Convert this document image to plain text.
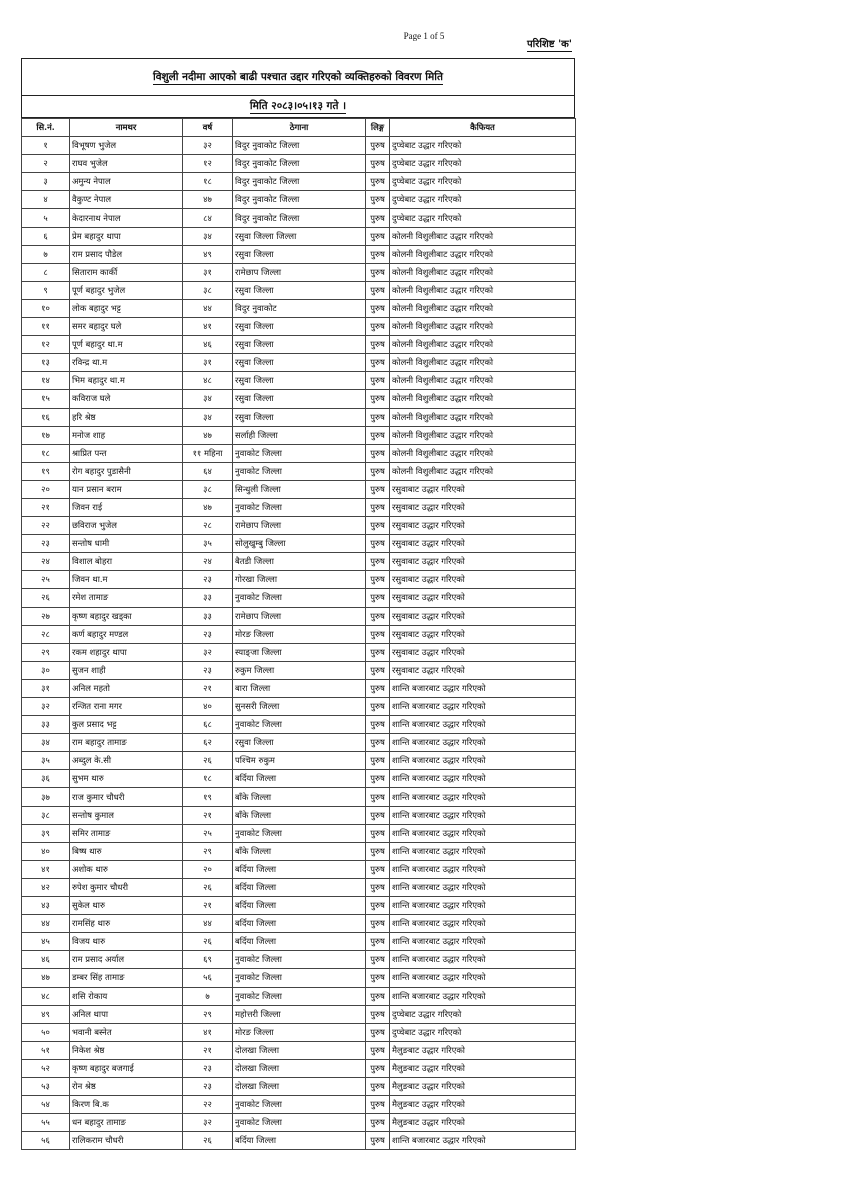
Page 1 of 5
परिशिष्ट 'क'
विशुली नदीमा आएको बाढी पश्चात उद्दार गरिएको व्यक्तिहरुको विवरण मिति
मिति २०८३।०५।१३ गते ।
सि.नं.	नामथर	वर्ष	ठेगाना	लिङ्ग	कैफियत
१	विभूषण भुजेल	३२	विदुर नुवाकोट जिल्ला	पुरुष	दुप्चेबाट उद्धार गरिएको
२	राघव भुजेल	१२	विदुर नुवाकोट जिल्ला	पुरुष	दुप्चेबाट उद्धार गरिएको
३	अमुन्य नेपाल	१८	विदुर नुवाकोट जिल्ला	पुरुष	दुप्चेबाट उद्धार गरिएको
४	वैकुण्ट नेपाल	४७	विदुर नुवाकोट जिल्ला	पुरुष	दुप्चेबाट उद्धार गरिएको
५	केदारनाथ नेपाल	८४	विदुर नुवाकोट जिल्ला	पुरुष	दुप्चेबाट उद्धार गरिएको
६	प्रेम बहादुर थापा	३४	रसुवा जिल्ला जिल्ला	पुरुष	कोलनी विशुलीबाट उद्धार गरिएको
७	राम प्रसाद पौडेल	४९	रसुवा जिल्ला	पुरुष	कोलनी विशुलीबाट उद्धार गरिएको
८	सिताराम कार्की	३१	रामेछाप जिल्ला	पुरुष	कोलनी विशुलीबाट उद्धार गरिएको
९	पूर्ण बहादुर भुजेल	३८	रसुवा जिल्ला	पुरुष	कोलनी विशुलीबाट उद्धार गरिएको
१०	लोक बहादुर भट्ट	४४	विदुर नुवाकोट	पुरुष	कोलनी विशुलीबाट उद्धार गरिएको
११	समर बहादुर घले	४१	रसुवा जिल्ला	पुरुष	कोलनी विशुलीबाट उद्धार गरिएको
१२	पूर्ण बहादुर था.म	४६	रसुवा जिल्ला	पुरुष	कोलनी विशुलीबाट उद्धार गरिएको
१३	रविन्द्र था.म	३१	रसुवा जिल्ला	पुरुष	कोलनी विशुलीबाट उद्धार गरिएको
१४	भिम बहादुर था.म	४८	रसुवा जिल्ला	पुरुष	कोलनी विशुलीबाट उद्धार गरिएको
१५	कविराज घले	३४	रसुवा जिल्ला	पुरुष	कोलनी विशुलीबाट उद्धार गरिएको
१६	हरि श्रेष्ठ	३४	रसुवा जिल्ला	पुरुष	कोलनी विशुलीबाट उद्धार गरिएको
१७	मनोज शाह	४७	सर्लाही जिल्ला	पुरुष	कोलनी विशुलीबाट उद्धार गरिएको
१८	श्राप्रित पन्त	११ महिना	नुवाकोट जिल्ला	पुरुष	कोलनी विशुलीबाट उद्धार गरिएको
१९	रोग बहादुर पुडासैनी	६४	नुवाकोट जिल्ला	पुरुष	कोलनी विशुलीबाट उद्धार गरिएको
२०	यान प्रसान बराम	३८	सिन्धुली जिल्ला	पुरुष	रसुवाबाट उद्धार गरिएको
२१	जिवन राई	४७	नुवाकोट जिल्ला	पुरुष	रसुवाबाट उद्धार गरिएको
२२	छविराज भुजेल	२८	रामेछाप जिल्ला	पुरुष	रसुवाबाट उद्धार गरिएको
२३	सन्तोष धामी	३५	सोलुखुम्बु जिल्ला	पुरुष	रसुवाबाट उद्धार गरिएको
२४	विशाल बोहरा	२४	बैतडी जिल्ला	पुरुष	रसुवाबाट उद्धार गरिएको
२५	जिवन था.म	२३	गोरखा जिल्ला	पुरुष	रसुवाबाट उद्धार गरिएको
२६	रमेश तामाङ	३३	नुवाकोट जिल्ला	पुरुष	रसुवाबाट उद्धार गरिएको
२७	कृष्ण बहादुर खड्का	३३	रामेछाप जिल्ला	पुरुष	रसुवाबाट उद्धार गरिएको
२८	कर्ण बहादुर मण्डल	२३	मोरङ जिल्ला	पुरुष	रसुवाबाट उद्धार गरिएको
२९	रकम शहादुर थापा	३२	स्याङ्जा जिल्ला	पुरुष	रसुवाबाट उद्धार गरिएको
३०	सुजन शाही	२३	रुकुम जिल्ला	पुरुष	रसुवाबाट उद्धार गरिएको
३१	अनिल महतो	२१	बारा जिल्ला	पुरुष	शान्ति बजारबाट उद्धार गरिएको
३२	रन्जित राना मगर	४०	सुनसरी जिल्ला	पुरुष	शान्ति बजारबाट उद्धार गरिएको
३३	कुल प्रसाद भट्ट	६८	नुवाकोट जिल्ला	पुरुष	शान्ति बजारबाट उद्धार गरिएको
३४	राम बहादुर तामाङ	६२	रसुवा जिल्ला	पुरुष	शान्ति बजारबाट उद्धार गरिएको
३५	अब्दुल के.सी	२६	पश्चिम रुकुम	पुरुष	शान्ति बजारबाट उद्धार गरिएको
३६	सुभम थारु	१८	बर्दिया जिल्ला	पुरुष	शान्ति बजारबाट उद्धार गरिएको
३७	राज कुमार चौधरी	१९	बाँके जिल्ला	पुरुष	शान्ति बजारबाट उद्धार गरिएको
३८	सन्तोष कुमाल	२१	बाँके जिल्ला	पुरुष	शान्ति बजारबाट उद्धार गरिएको
३९	समिर तामाङ	२५	नुवाकोट जिल्ला	पुरुष	शान्ति बजारबाट उद्धार गरिएको
४०	बिष्ष थारु	२९	बाँके जिल्ला	पुरुष	शान्ति बजारबाट उद्धार गरिएको
४१	अशोक थारु	२०	बर्दिया जिल्ला	पुरुष	शान्ति बजारबाट उद्धार गरिएको
४२	रुपेश कुमार चौधरी	२६	बर्दिया जिल्ला	पुरुष	शान्ति बजारबाट उद्धार गरिएको
४३	सुकेल थारु	२१	बर्दिया जिल्ला	पुरुष	शान्ति बजारबाट उद्धार गरिएको
४४	रामसिंह थारु	४४	बर्दिया जिल्ला	पुरुष	शान्ति बजारबाट उद्धार गरिएको
४५	विजय थारु	२६	बर्दिया जिल्ला	पुरुष	शान्ति बजारबाट उद्धार गरिएको
४६	राम प्रसाद अर्याल	६९	नुवाकोट जिल्ला	पुरुष	शान्ति बजारबाट उद्धार गरिएको
४७	डम्बर सिंह तामाङ	५६	नुवाकोट जिल्ला	पुरुष	शान्ति बजारबाट उद्धार गरिएको
४८	शसि रोकाय	७	नुवाकोट जिल्ला	पुरुष	शान्ति बजारबाट उद्धार गरिएको
४९	अनिल थापा	२९	महोत्तरी जिल्ला	पुरुष	दुप्चेबाट उद्धार गरिएको
५०	भवानी बस्नेत	४१	मोरङ जिल्ला	पुरुष	दुप्चेबाट उद्धार गरिएको
५१	निकेश श्रेष्ठ	२१	दोलखा जिल्ला	पुरुष	मैलुङबाट उद्धार गरिएको
५२	कृष्ण बहादुर बजगाई	२३	दोलखा जिल्ला	पुरुष	मैलुङबाट उद्धार गरिएको
५३	रोन श्रेष्ठ	२३	दोलखा जिल्ला	पुरुष	मैलुङबाट उद्धार गरिएको
५४	किरण बि.क	२२	नुवाकोट जिल्ला	पुरुष	मैलुङबाट उद्धार गरिएको
५५	धन बहादुर तामाङ	३२	नुवाकोट जिल्ला	पुरुष	मैलुङबाट उद्धार गरिएको
५६	रालिकराम चौधरी	२६	बर्दिया जिल्ला	पुरुष	शान्ति बजारबाट उद्धार गरिएको
